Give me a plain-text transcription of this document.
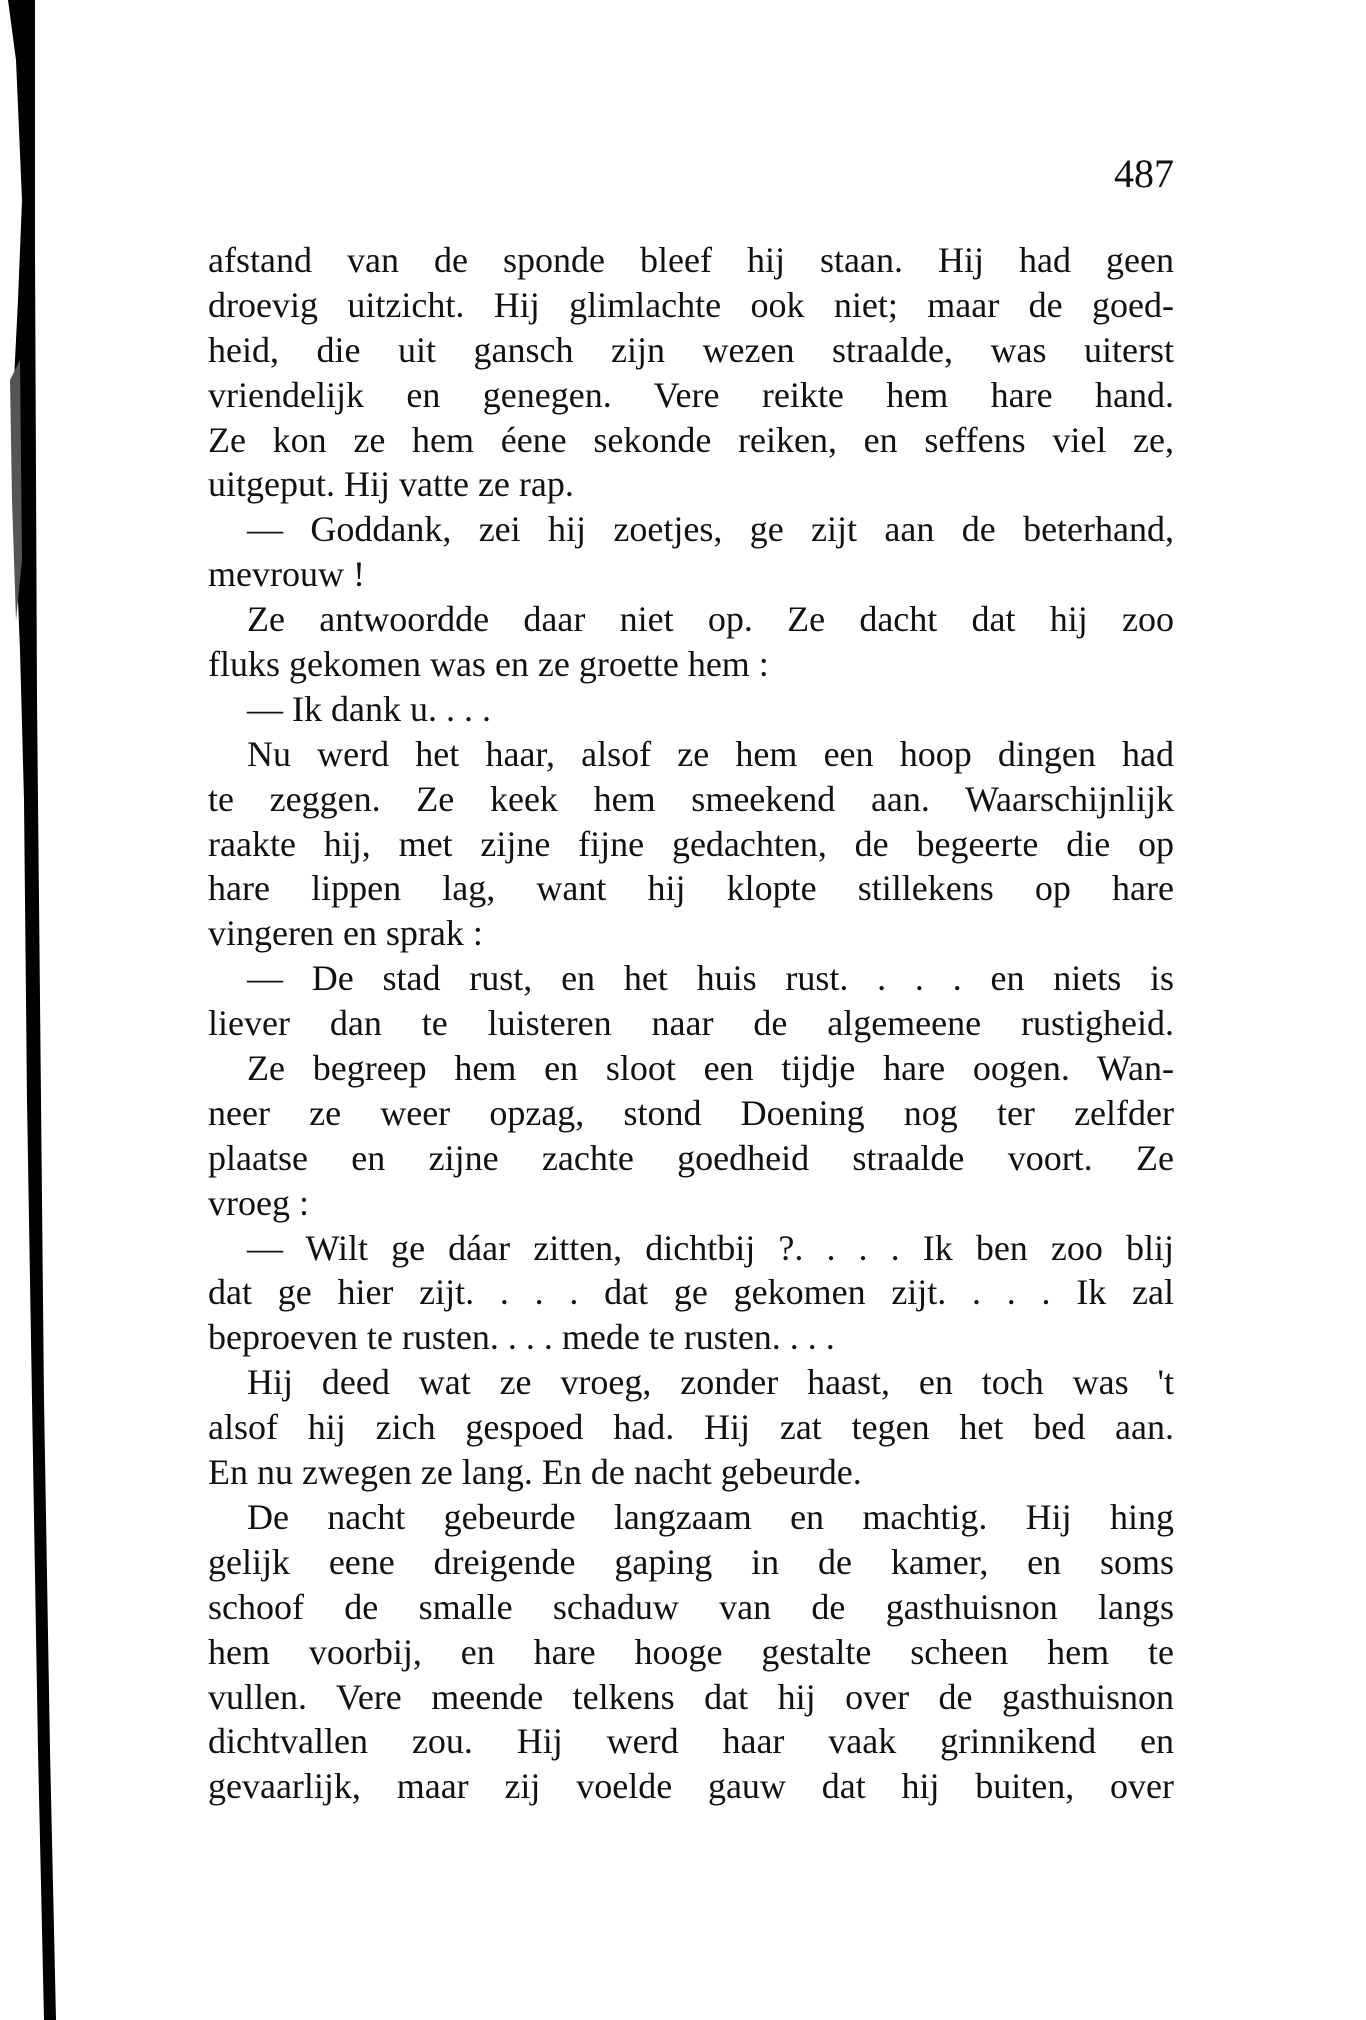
487
afstand van de sponde bleef hij staan. Hij had geen
droevig uitzicht. Hij glimlachte ook niet; maar de goed-
heid, die uit gansch zijn wezen straalde, was uiterst
vriendelijk en genegen. Vere reikte hem hare hand.
Ze kon ze hem éene sekonde reiken, en seffens viel ze,
uitgeput. Hij vatte ze rap.
— Goddank, zei hij zoetjes, ge zijt aan de beterhand,
mevrouw !
Ze antwoordde daar niet op. Ze dacht dat hij zoo
fluks gekomen was en ze groette hem :
— Ik dank u. . . .
Nu werd het haar, alsof ze hem een hoop dingen had
te zeggen. Ze keek hem smeekend aan. Waarschijnlijk
raakte hij, met zijne fijne gedachten, de begeerte die op
hare lippen lag, want hij klopte stillekens op hare
vingeren en sprak :
— De stad rust, en het huis rust. . . . en niets is
liever dan te luisteren naar de algemeene rustigheid.
Ze begreep hem en sloot een tijdje hare oogen. Wan-
neer ze weer opzag, stond Doening nog ter zelfder
plaatse en zijne zachte goedheid straalde voort. Ze
vroeg :
— Wilt ge dáar zitten, dichtbij ?. . . . Ik ben zoo blij
dat ge hier zijt. . . . dat ge gekomen zijt. . . . Ik zal
beproeven te rusten. . . . mede te rusten. . . .
Hij deed wat ze vroeg, zonder haast, en toch was 't
alsof hij zich gespoed had. Hij zat tegen het bed aan.
En nu zwegen ze lang. En de nacht gebeurde.
De nacht gebeurde langzaam en machtig. Hij hing
gelijk eene dreigende gaping in de kamer, en soms
schoof de smalle schaduw van de gasthuisnon langs
hem voorbij, en hare hooge gestalte scheen hem te
vullen. Vere meende telkens dat hij over de gasthuisnon
dichtvallen zou. Hij werd haar vaak grinnikend en
gevaarlijk, maar zij voelde gauw dat hij buiten, over
